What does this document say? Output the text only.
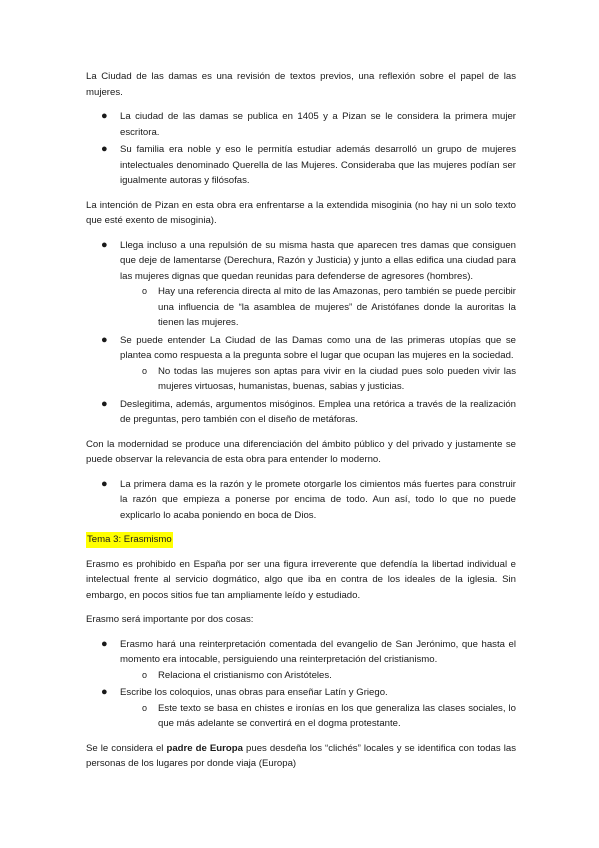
La Ciudad de las damas es una revisión de textos previos, una reflexión sobre el papel de las mujeres.

● La ciudad de las damas se publica en 1405 y a Pizan se le considera la primera mujer escritora.
● Su familia era noble y eso le permitía estudiar además desarrolló un grupo de mujeres intelectuales denominado Querella de las Mujeres. Consideraba que las mujeres podían ser igualmente autoras y filósofas.

La intención de Pizan en esta obra era enfrentarse a la extendida misoginia (no hay ni un solo texto que esté exento de misoginia).

● Llega incluso a una repulsión de su misma hasta que aparecen tres damas que consiguen que deje de lamentarse (Derechura, Razón y Justicia) y junto a ellas edifica una ciudad para las mujeres dignas que quedan reunidas para defenderse de agresores (hombres).
o Hay una referencia directa al mito de las Amazonas, pero también se puede percibir una influencia de “la asamblea de mujeres” de Aristófanes donde la auroritas la tienen las mujeres.
● Se puede entender La Ciudad de las Damas como una de las primeras utopías que se plantea como respuesta a la pregunta sobre el lugar que ocupan las mujeres en la sociedad.
o No todas las mujeres son aptas para vivir en la ciudad pues solo pueden vivir las mujeres virtuosas, humanistas, buenas, sabias y justicias.
● Deslegitima, además, argumentos misóginos. Emplea una retórica a través de la realización de preguntas, pero también con el diseño de metáforas.

Con la modernidad se produce una diferenciación del ámbito público y del privado y justamente se puede observar la relevancia de esta obra para entender lo moderno.

● La primera dama es la razón y le promete otorgarle los cimientos más fuertes para construir la razón que empieza a ponerse por encima de todo. Aun así, todo lo que no puede explicarlo lo acaba poniendo en boca de Dios.

Tema 3: Erasmismo

Erasmo es prohibido en España por ser una figura irreverente que defendía la libertad individual e intelectual frente al servicio dogmático, algo que iba en contra de los ideales de la iglesia. Sin embargo, en pocos sitios fue tan ampliamente leído y estudiado.

Erasmo será importante por dos cosas:

● Erasmo hará una reinterpretación comentada del evangelio de San Jerónimo, que hasta el momento era intocable, persiguiendo una reinterpretación del cristianismo.
o Relaciona el cristianismo con Aristóteles.
● Escribe los coloquios, unas obras para enseñar Latín y Griego.
o Este texto se basa en chistes e ironías en los que generaliza las clases sociales, lo que más adelante se convertirá en el dogma protestante.

Se le considera el padre de Europa pues desdeña los “clichés” locales y se identifica con todas las personas de los lugares por donde viaja (Europa)
